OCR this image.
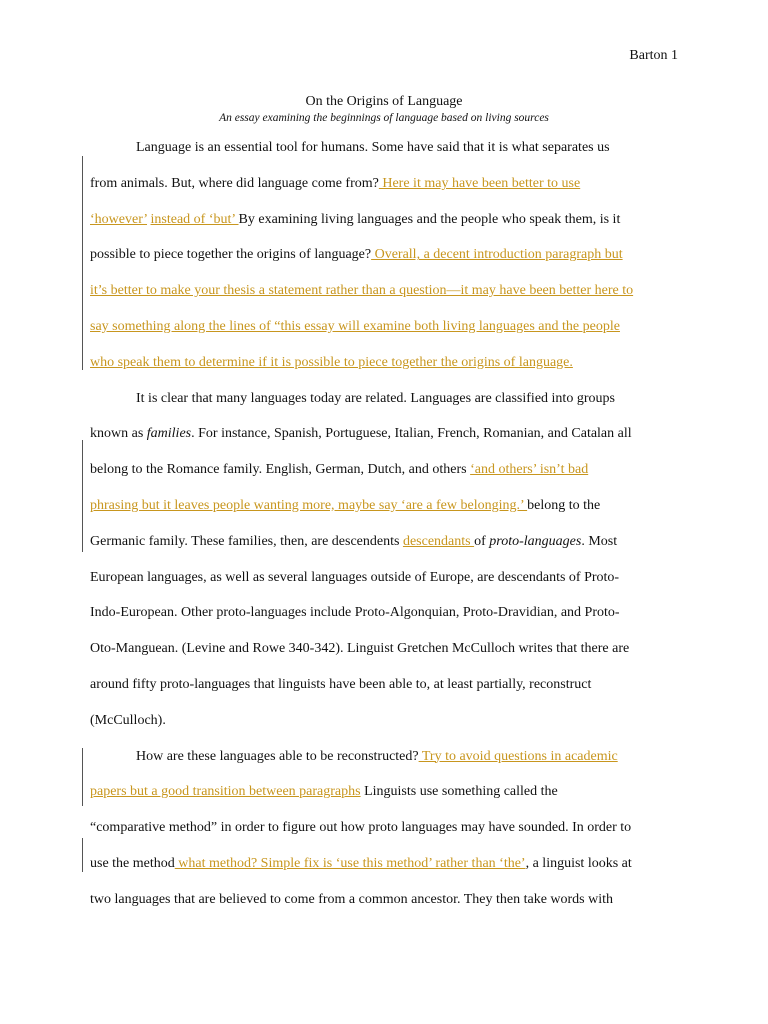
Barton 1
On the Origins of Language
An essay examining the beginnings of language based on living sources
Language is an essential tool for humans. Some have said that it is what separates us
from animals. But, where did language come from? Here it may have been better to use
‘however’ instead of ‘but’ By examining living languages and the people who speak them, is it
possible to piece together the origins of language? Overall, a decent introduction paragraph but
it’s better to make your thesis a statement rather than a question—it may have been better here to
say something along the lines of “this essay will examine both living languages and the people
who speak them to determine if it is possible to piece together the origins of language.
It is clear that many languages today are related. Languages are classified into groups
known as families. For instance, Spanish, Portuguese, Italian, French, Romanian, and Catalan all
belong to the Romance family. English, German, Dutch, and others ‘and others’ isn’t bad
phrasing but it leaves people wanting more, maybe say ‘are a few belonging.’ belong to the
Germanic family. These families, then, are descendents descendants of proto-languages. Most
European languages, as well as several languages outside of Europe, are descendants of Proto-
Indo-European. Other proto-languages include Proto-Algonquian, Proto-Dravidian, and Proto-
Oto-Manguean. (Levine and Rowe 340-342). Linguist Gretchen McCulloch writes that there are
around fifty proto-languages that linguists have been able to, at least partially, reconstruct
(McCulloch).
How are these languages able to be reconstructed? Try to avoid questions in academic
papers but a good transition between paragraphs Linguists use something called the
“comparative method” in order to figure out how proto languages may have sounded. In order to
use the method what method? Simple fix is ‘use this method’ rather than ‘the’, a linguist looks at
two languages that are believed to come from a common ancestor. They then take words with
